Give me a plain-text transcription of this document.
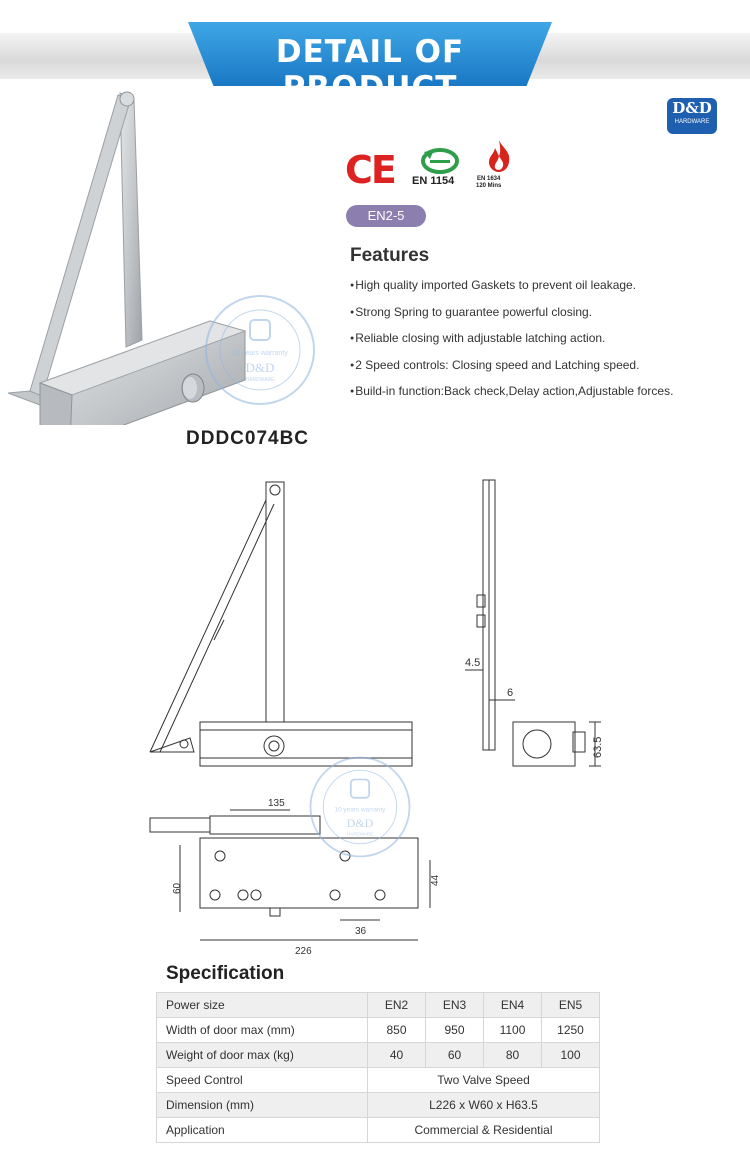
DETAIL OF PRODUCT
D&D
HARDWARE
CE EN 1154	EN 1634
120 Mins
EN2-5
Features
● High quality imported Gaskets to prevent oil leakage.
● Strong Spring to guarantee powerful closing.
● Reliable closing with adjustable latching action.
● 2 Speed controls: Closing speed and Latching speed.
● Build-in function:Back check,Delay action,Adjustable forces.
DDDC074BC
10 years warranty
D&D
HARDWARE
4.5
6
63.5
135
60
44
36
226
10 years warranty
D&D
HARDWARE
Specification
Power size	EN2	EN3	EN4	EN5
Width of door max (mm)	850	950	1100	1250
Weight of door max (kg)	40	60	80	100
Speed Control	Two Valve Speed			
Dimension (mm)	L226 x W60 x H63.5			
Application	Commercial & Residential			
